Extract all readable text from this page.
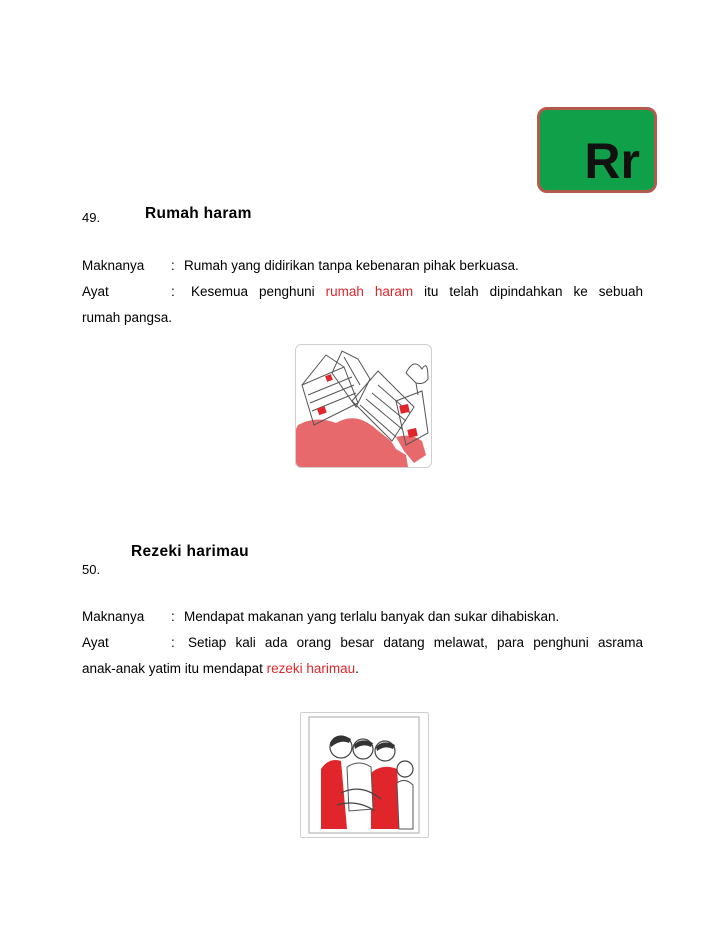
Rr
49.	Rumah haram
Maknanya : Rumah yang didirikan tanpa kebenaran pihak berkuasa.
Ayat	: Kesemua penghuni rumah haram itu telah dipindahkan ke sebuah
rumah pangsa.
Rezeki harimau
50.
Maknanya : Mendapat makanan yang terlalu banyak dan sukar dihabiskan.
Ayat	: Setiap kali ada orang besar datang melawat, para penghuni asrama
anak-anak yatim itu mendapat rezeki harimau.
